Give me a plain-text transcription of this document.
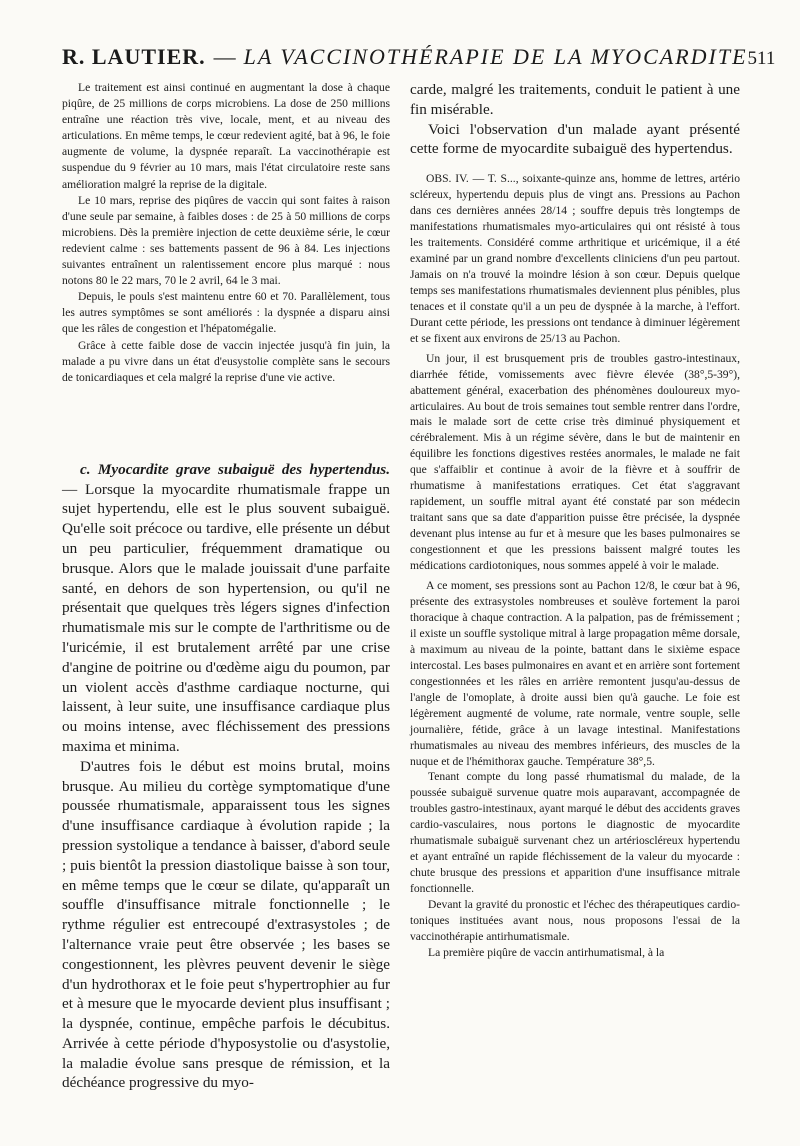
R. LAUTIER. — LA VACCINOTHÉRAPIE DE LA MYOCARDITE 511

Le traitement est ainsi continué en augmentant la dose à chaque piqûre, de 25 millions de corps microbiens. La dose de 250 millions entraîne une réaction très vive, locale, ment, et au niveau des articulations. En même temps, le cœur redevient agité, bat à 96, le foie augmente de volume, la dyspnée reparaît. La vaccinothérapie est suspendue du 9 février au 10 mars, mais l'état circulatoire reste sans amélioration malgré la reprise de la digitale.

Le 10 mars, reprise des piqûres de vaccin qui sont faites à raison d'une seule par semaine, à faibles doses : de 25 à 50 millions de corps microbiens. Dès la première injection de cette deuxième série, le cœur redevient calme : ses battements passent de 96 à 84. Les injections suivantes entraînent un ralentissement encore plus marqué : nous notons 80 le 22 mars, 70 le 2 avril, 64 le 3 mai.

Depuis, le pouls s'est maintenu entre 60 et 70. Parallèlement, tous les autres symptômes se sont améliorés : la dyspnée a disparu ainsi que les râles de congestion et l'hépatomégalie.

Grâce à cette faible dose de vaccin injectée jusqu'à fin juin, la malade a pu vivre dans un état d'eusystolie complète sans le secours de tonicardiaques et cela malgré la reprise d'une vie active.

c. Myocardite grave subaiguë des hypertendus. — Lorsque la myocardite rhumatismale frappe un sujet hypertendu, elle est le plus souvent subaiguë. Qu'elle soit précoce ou tardive, elle présente un début un peu particulier, fréquemment dramatique ou brusque. Alors que le malade jouissait d'une parfaite santé, en dehors de son hypertension, ou qu'il ne présentait que quelques très légers signes d'infection rhumatismale mis sur le compte de l'arthritisme ou de l'uricémie, il est brutalement arrêté par une crise d'angine de poitrine ou d'œdème aigu du poumon, par un violent accès d'asthme cardiaque nocturne, qui laissent, à leur suite, une insuffisance cardiaque plus ou moins intense, avec fléchissement des pressions maxima et minima.

D'autres fois le début est moins brutal, moins brusque. Au milieu du cortège symptomatique d'une poussée rhumatismale, apparaissent tous les signes d'une insuffisance cardiaque à évolution rapide ; la pression systolique a tendance à baisser, d'abord seule ; puis bientôt la pression diastolique baisse à son tour, en même temps que le cœur se dilate, qu'apparaît un souffle d'insuffisance mitrale fonctionnelle ; le rythme régulier est entrecoupé d'extrasystoles ; de l'alternance vraie peut être observée ; les bases se congestionnent, les plèvres peuvent devenir le siège d'un hydrothorax et le foie peut s'hypertrophier au fur et à mesure que le myocarde devient plus insuffisant ; la dyspnée, continue, empêche parfois le décubitus. Arrivée à cette période d'hyposystolie ou d'asystolie, la maladie évolue sans presque de rémission, et la déchéance progressive du myo-

carde, malgré les traitements, conduit le patient à une fin misérable.

Voici l'observation d'un malade ayant présenté cette forme de myocardite subaiguë des hypertendus.

OBS. IV. — T. S..., soixante-quinze ans, homme de lettres, artério scléreux, hypertendu depuis plus de vingt ans. Pressions au Pachon dans ces dernières années 28/14 ; souffre depuis très longtemps de manifestations rhumatismales myo-articulaires qui ont résisté à tous les traitements. Considéré comme arthritique et uricémique, il a été examiné par un grand nombre d'excellents cliniciens d'un peu partout. Jamais on n'a trouvé la moindre lésion à son cœur. Depuis quelque temps ses manifestations rhumatismales deviennent plus pénibles, plus tenaces et il constate qu'il a un peu de dyspnée à la marche, à l'effort. Durant cette période, les pressions ont tendance à diminuer légèrement et se fixent aux environs de 25/13 au Pachon.

Un jour, il est brusquement pris de troubles gastro-intestinaux, diarrhée fétide, vomissements avec fièvre élevée (38°,5-39°), abattement général, exacerbation des phénomènes douloureux myo-articulaires. Au bout de trois semaines tout semble rentrer dans l'ordre, mais le malade sort de cette crise très diminué physiquement et cérébralement. Mis à un régime sévère, dans le but de maintenir en équilibre les fonctions digestives restées anormales, le malade ne fait que s'affaiblir et continue à avoir de la fièvre et à souffrir de rhumatisme à manifestations erratiques. Cet état s'aggravant rapidement, un souffle mitral ayant été constaté par son médecin traitant sans que sa date d'apparition puisse être précisée, la dyspnée devenant plus intense au fur et à mesure que les bases pulmonaires se congestionnent et que les pressions baissent malgré toutes les médications cardiotoniques, nous sommes appelé à voir le malade.

A ce moment, ses pressions sont au Pachon 12/8, le cœur bat à 96, présente des extrasystoles nombreuses et soulève fortement la paroi thoracique à chaque contraction. A la palpation, pas de frémissement ; il existe un souffle systolique mitral à large propagation même dorsale, à maximum au niveau de la pointe, battant dans le sixième espace intercostal. Les bases pulmonaires en avant et en arrière sont fortement congestionnées et les râles en arrière remontent jusqu'au-dessus de l'angle de l'omoplate, à droite aussi bien qu'à gauche. Le foie est légèrement augmenté de volume, rate normale, ventre souple, selle journalière, fétide, grâce à un lavage intestinal. Manifestations rhumatismales au niveau des membres inférieurs, des muscles de la nuque et de l'hémithorax gauche. Température 38°,5.

Tenant compte du long passé rhumatismal du malade, de la poussée subaiguë survenue quatre mois auparavant, accompagnée de troubles gastro-intestinaux, ayant marqué le début des accidents graves cardio-vasculaires, nous portons le diagnostic de myocardite rhumatismale subaiguë survenant chez un artérioscléreux hypertendu et ayant entraîné un rapide fléchissement de la valeur du myocarde : chute brusque des pressions et apparition d'une insuffisance mitrale fonctionnelle.

Devant la gravité du pronostic et l'échec des thérapeutiques cardio-toniques instituées avant nous, nous proposons l'essai de la vaccinothérapie antirhumatismale.

La première piqûre de vaccin antirhumatismal, à la
